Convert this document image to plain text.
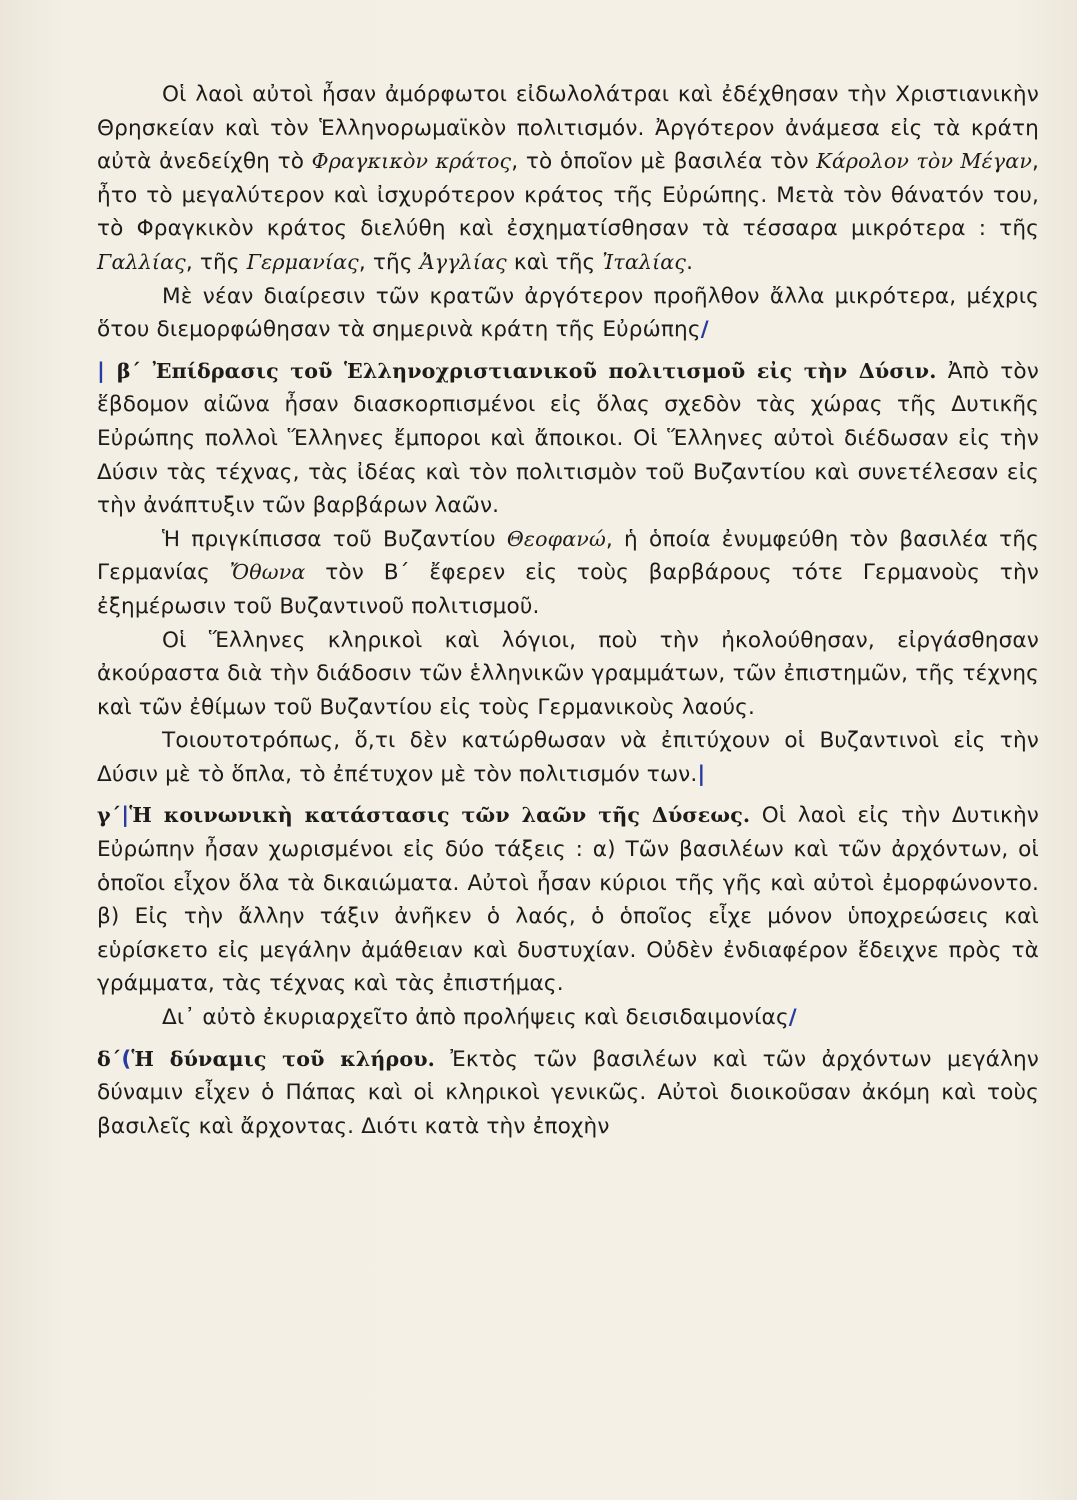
Οἱ λαοὶ αὐτοὶ ἦσαν ἀμόρφωτοι εἰδωλολάτραι καὶ ἐδέχθησαν τὴν Χριστιανικὴν Θρησκείαν καὶ τὸν Ἑλληνορωμαϊκὸν πολιτισμόν. Ἀργότερον ἀνάμεσα εἰς τὰ κράτη αὐτὰ ἀνεδείχθη τὸ Φραγκικὸν κράτος, τὸ ὁποῖον μὲ βασιλέα τὸν Κάρολον τὸν Μέγαν, ἦτο τὸ μεγαλύτερον καὶ ἰσχυρότερον κράτος τῆς Εὐρώπης. Μετὰ τὸν θάνατόν του, τὸ Φραγκικὸν κράτος διελύθη καὶ ἐσχηματίσθησαν τὰ τέσσαρα μικρότερα : τῆς Γαλλίας, τῆς Γερμανίας, τῆς Ἀγγλίας καὶ τῆς Ἰταλίας.

Μὲ νέαν διαίρεσιν τῶν κρατῶν ἀργότερον προῆλθον ἄλλα μικρότερα, μέχρις ὅτου διεμορφώθησαν τὰ σημερινὰ κράτη τῆς Εὐρώπης/

| β΄ Ἐπίδρασις τοῦ Ἑλληνοχριστιανικοῦ πολιτισμοῦ εἰς τὴν Δύσιν. Ἀπὸ τὸν ἕβδομον αἰῶνα ἦσαν διασκορπισμένοι εἰς ὅλας σχεδὸν τὰς χώρας τῆς Δυτικῆς Εὐρώπης πολλοὶ Ἕλληνες ἔμποροι καὶ ἄποικοι. Οἱ Ἕλληνες αὐτοὶ διέδωσαν εἰς τὴν Δύσιν τὰς τέχνας, τὰς ἰδέας καὶ τὸν πολιτισμὸν τοῦ Βυζαντίου καὶ συνετέλεσαν εἰς τὴν ἀνάπτυξιν τῶν βαρβάρων λαῶν.

Ἡ πριγκίπισσα τοῦ Βυζαντίου Θεοφανώ, ἡ ὁποία ἐνυμφεύθη τὸν βασιλέα τῆς Γερμανίας Ὄθωνα τὸν Β΄ ἔφερεν εἰς τοὺς βαρβάρους τότε Γερμανοὺς τὴν ἐξημέρωσιν τοῦ Βυζαντινοῦ πολιτισμοῦ.

Οἱ Ἕλληνες κληρικοὶ καὶ λόγιοι, ποὺ τὴν ἠκολούθησαν, εἰργάσθησαν ἀκούραστα διὰ τὴν διάδοσιν τῶν ἑλληνικῶν γραμμάτων, τῶν ἐπιστημῶν, τῆς τέχνης καὶ τῶν ἐθίμων τοῦ Βυζαντίου εἰς τοὺς Γερμανικοὺς λαούς.

Τοιουτοτρόπως, ὅ,τι δὲν κατώρθωσαν νὰ ἐπιτύχουν οἱ Βυζαντινοὶ εἰς τὴν Δύσιν μὲ τὸ ὅπλα, τὸ ἐπέτυχον μὲ τὸν πολιτισμόν των.|

γ΄|Ἡ κοινωνικὴ κατάστασις τῶν λαῶν τῆς Δύσεως. Οἱ λαοὶ εἰς τὴν Δυτικὴν Εὐρώπην ἦσαν χωρισμένοι εἰς δύο τάξεις : α) Τῶν βασιλέων καὶ τῶν ἀρχόντων, οἱ ὁποῖοι εἶχον ὅλα τὰ δικαιώματα. Αὐτοὶ ἦσαν κύριοι τῆς γῆς καὶ αὐτοὶ ἐμορφώνοντο. β) Εἰς τὴν ἄλλην τάξιν ἀνῆκεν ὁ λαός, ὁ ὁποῖος εἶχε μόνον ὑποχρεώσεις καὶ εὑρίσκετο εἰς μεγάλην ἀμάθειαν καὶ δυστυχίαν. Οὐδὲν ἐνδιαφέρον ἔδειχνε πρὸς τὰ γράμματα, τὰς τέχνας καὶ τὰς ἐπιστήμας.

Δι᾿ αὐτὸ ἐκυριαρχεῖτο ἀπὸ προλήψεις καὶ δεισιδαιμονίας/

δ΄(Ἡ δύναμις τοῦ κλήρου. Ἐκτὸς τῶν βασιλέων καὶ τῶν ἀρχόντων μεγάλην δύναμιν εἶχεν ὁ Πάπας καὶ οἱ κληρικοὶ γενικῶς. Αὐτοὶ διοικοῦσαν ἀκόμη καὶ τοὺς βασιλεῖς καὶ ἄρχοντας. Διότι κατὰ τὴν ἐποχὴν
